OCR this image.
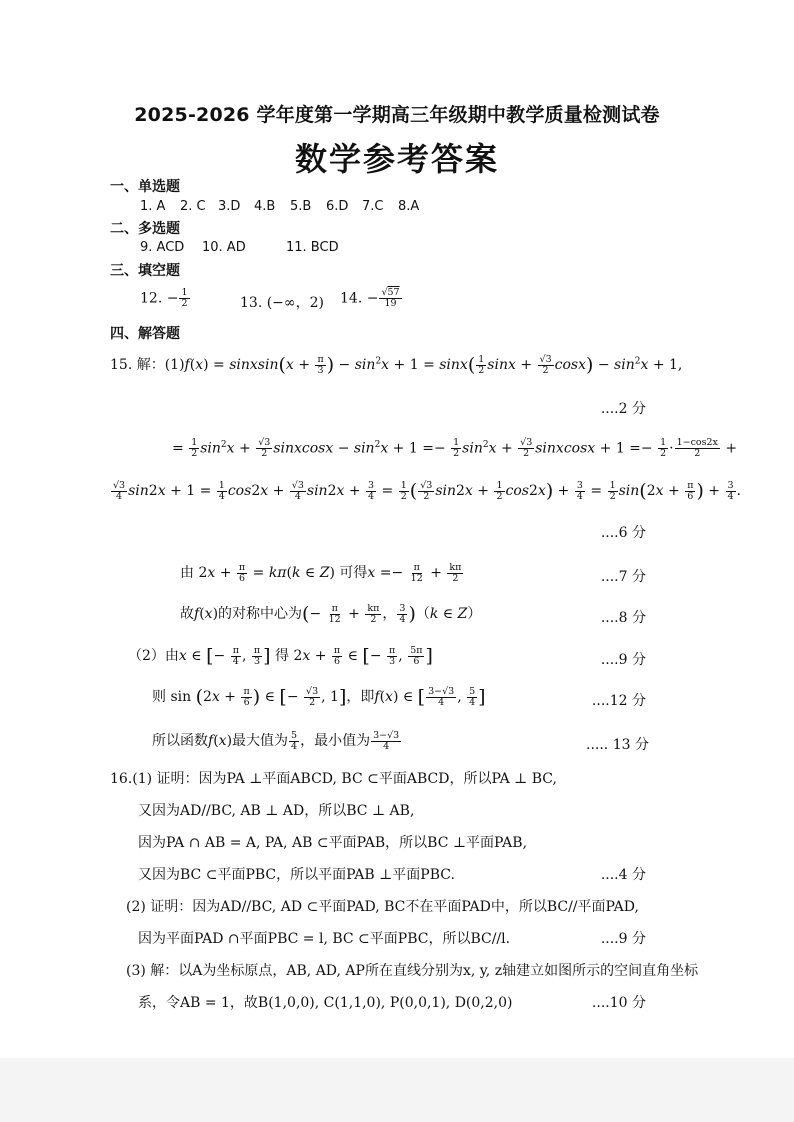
2025-2026 学年度第一学期高三年级期中教学质量检测试卷
数学参考答案
一、单选题
1. A 2. C 3.D 4.B 5.B 6.D 7.C 8.A
二、多选题
9. ACD 10. AD	11. BCD
三、填空题
12. − $\frac{1}{2}$	13. (−∞，2) 14. − $\frac{√57}{19}$
四、解答题
15. 解：(1)f(x) = sinxsin(x + $\frac{\pi}{3}$ ) − $\sin^2x + 1 = \sin x( \frac{1}{2}$ $\sin x + \frac{√3}{2} \cos x) - \sin^2x + 1$,
....2 分
= $\frac{1}{2} \sin^2x + \frac{√3}{2}$ sinxcosx − $\sin^2x + 1 =- \frac{1}{2} \sin^2x + \frac{√3}{2}$ sinxcosx + $1 =- \frac{1}{2} \cdot \frac{1-\cos 2x}{2}$ +
$\frac{√3}{4} \sin 2x + 1 = \frac{1}{4} \cos 2x + \frac{√3}{4} \sin 2x + \frac{3}{4} = \frac{1}{2}$ ( $\frac{√3}{2} \sin 2x + \frac{1}{2} \cos 2x) + \frac{3}{4} = \frac{1}{2} \sin(2x + \frac{\pi}{6}$ ) + $\frac{3}{4}$ .
....6 分
由 $2x + \frac{\pi}{6} = k\pi(k$ ∈ Z) 可得$x =- \frac{\pi}{12} + \frac{k\pi}{2}$	....7 分
故f(x)的对称中心为(− $\frac{\pi}{12} + \frac{k\pi}{2}$ ， $\frac{3}{4} )(k$ ∈ Z）	....8 分
（2）由x ∈ [− $\frac{\pi}{4}$ , $\frac{\pi}{3}$ ] 得 $2x + \frac{\pi}{6}$ ∈ [− $\frac{\pi}{3}$ , $\frac{5\pi}{6}$ ]	....9 分
则 $\sin (2x + \frac{\pi}{6}$ ) ∈ [− $\frac{√3}{2}$ , 1]，即f(x) ∈ [ $\frac{3-√3}{4}$ , $\frac{5}{4}$ ]	....12 分
所以函数f(x)最大值为 $\frac{5}{4}$ ，最小值为 $\frac{3-√3}{4}$	..... 13 分
16.(1) 证明：因为PA ⊥平面ABCD, BC ⊂平面ABCD，所以PA ⊥ BC,
又因为AD//BC, AB ⊥ AD，所以BC ⊥ AB,
因为PA ∩ AB = A, PA, AB ⊂平面PAB，所以BC ⊥平面PAB,
又因为BC ⊂平面PBC，所以平面PAB ⊥平面PBC.	....4 分
(2) 证明：因为AD//BC, AD ⊂平面PAD, BC不在平面PAD中，所以BC//平面PAD,
因为平面PAD ∩平面PBC = l, BC ⊂平面PBC，所以BC//l.	....9 分
(3) 解：以A为坐标原点，AB, AD, AP所在直线分别为x, y, z轴建立如图所示的空间直角坐标
系，令AB = 1，故B(1,0,0), C(1,1,0), P(0,0,1), D(0,2,0)	....10 分
